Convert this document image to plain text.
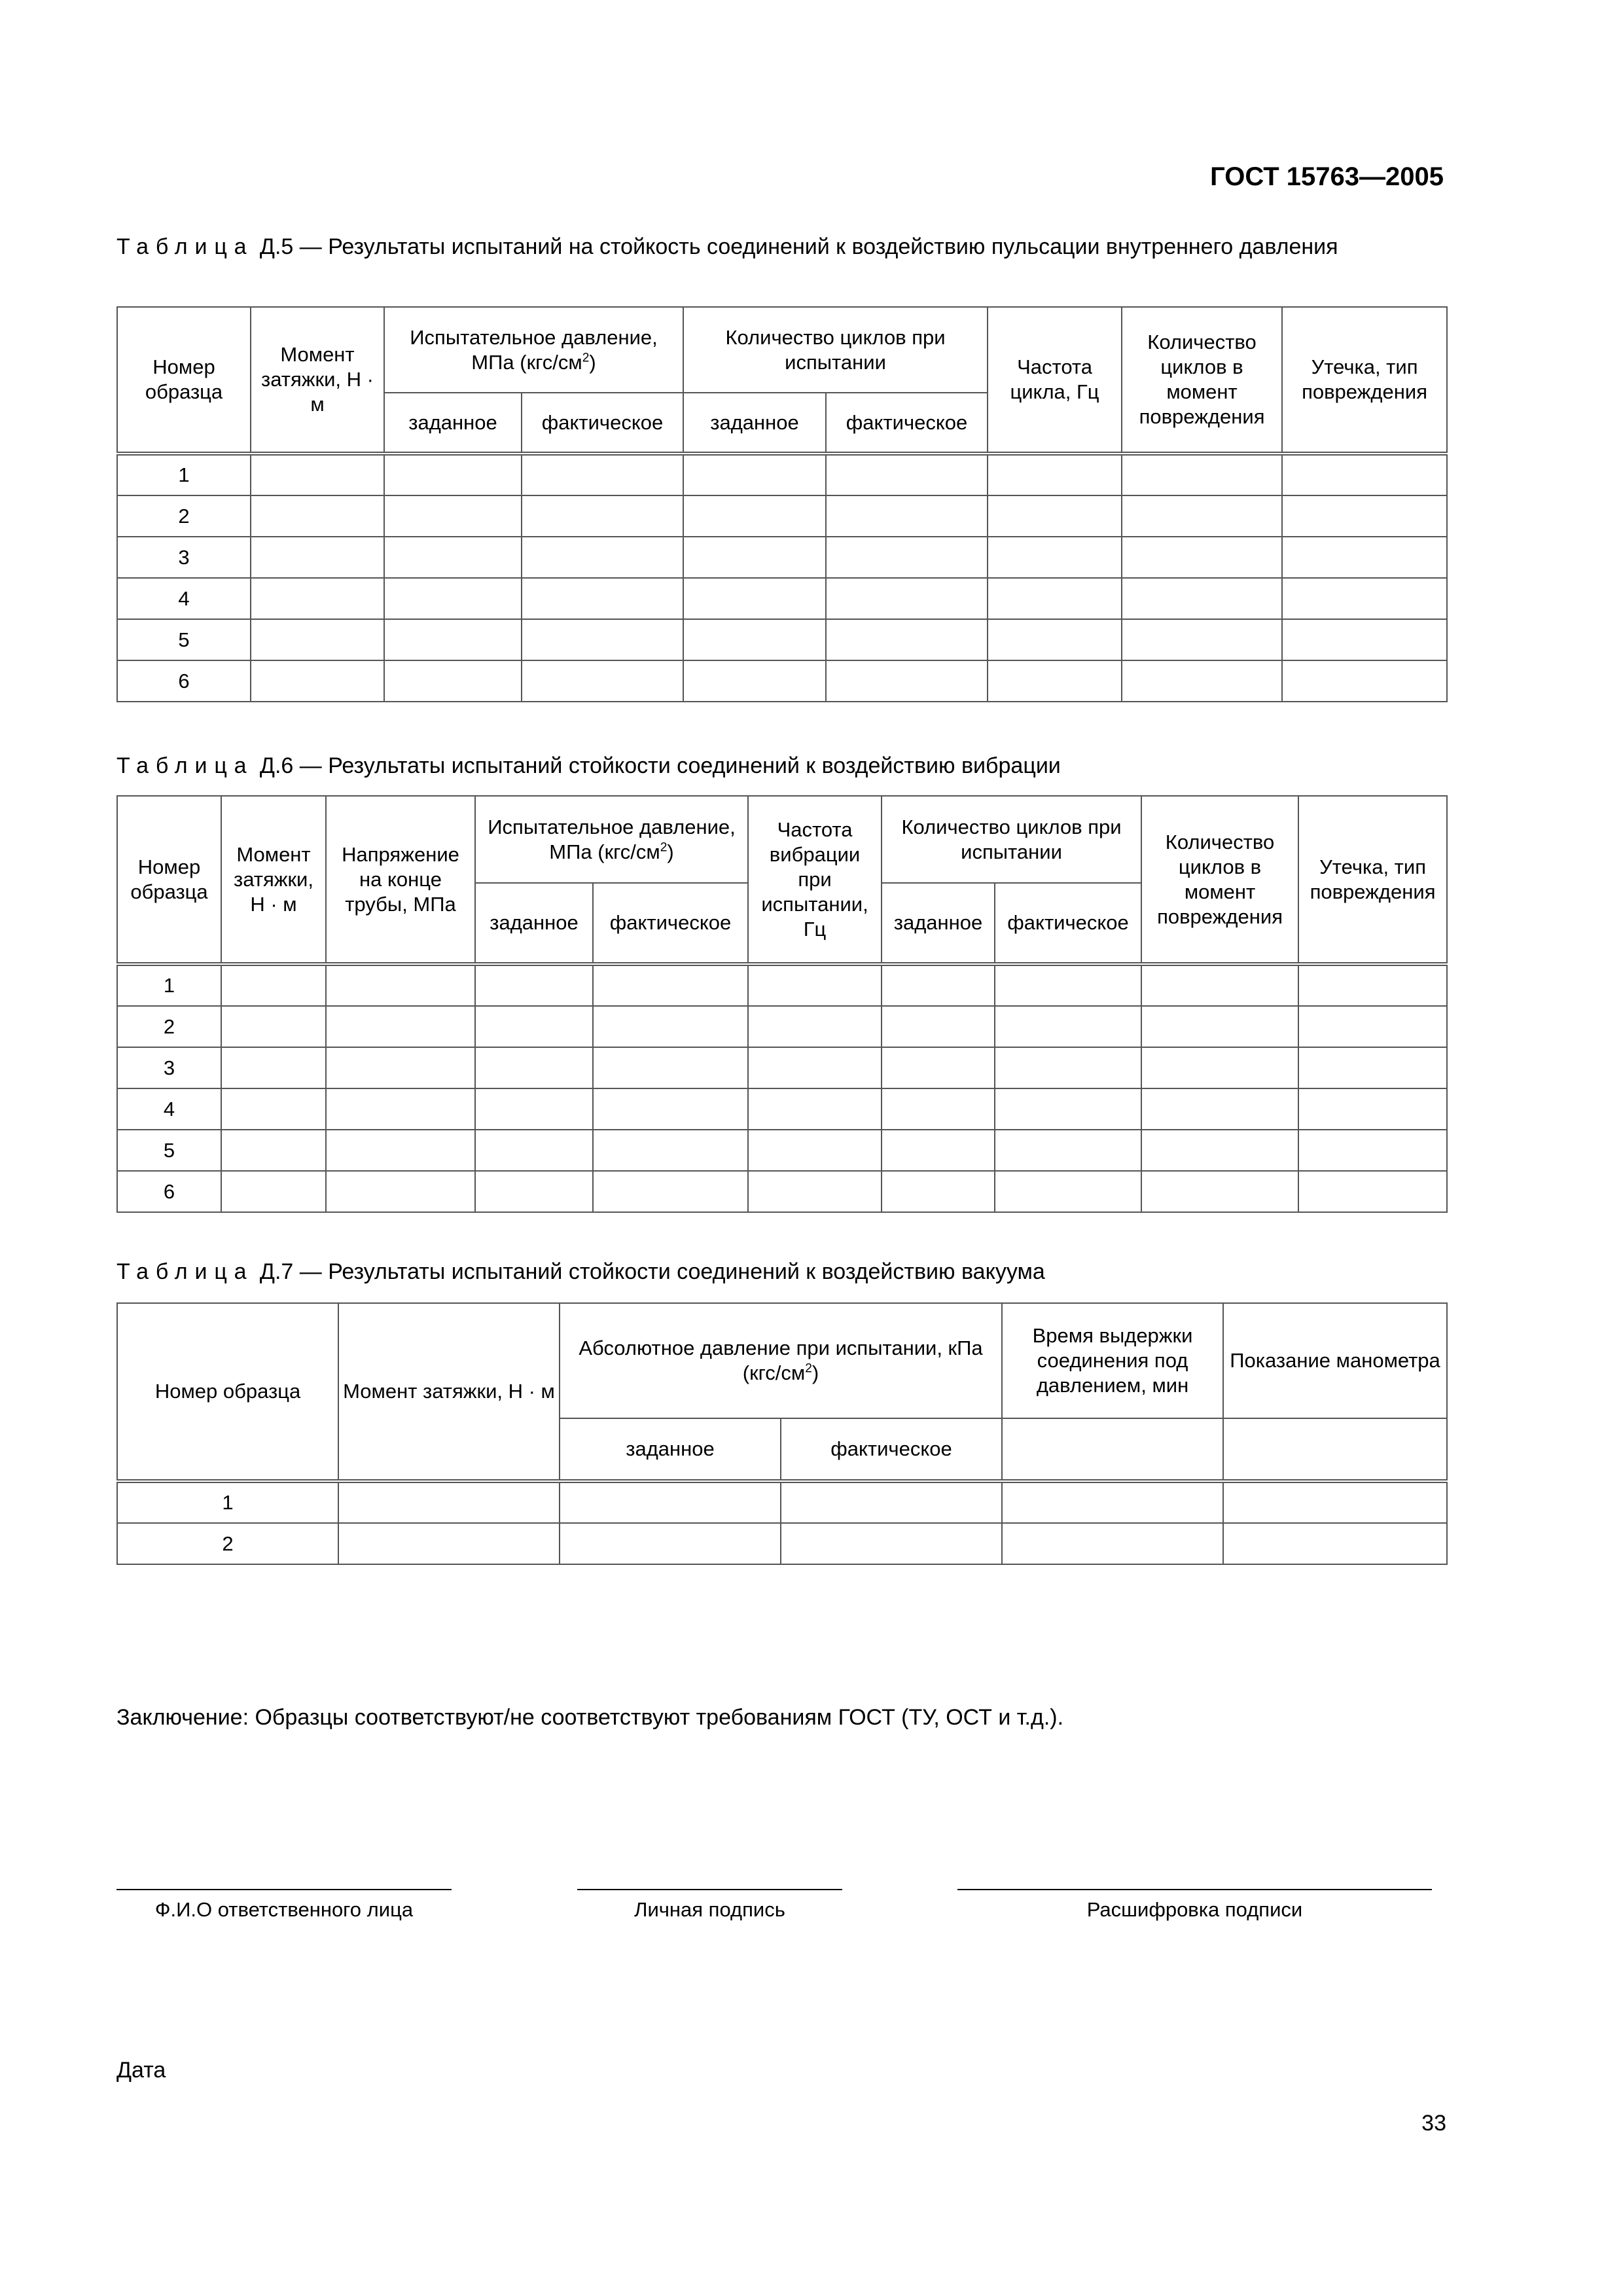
ГОСТ 15763—2005
Таблица Д.5 — Результаты испытаний на стойкость соединений к воздействию пульсации внутреннего давления
Номер образца	Момент затяжки, Н · м	Испытательное давление, МПа $(кгс/см^2)$		Количество циклов при испытании		Частота цикла, Гц	Количество циклов в момент повреждения	Утечка, тип повреждения
		заданное	фактическое	заданное	фактическое			
1								
2								
3								
4								
5								
6								
Таблица Д.6 — Результаты испытаний стойкости соединений к воздействию вибрации
Номер образца	Момент затяжки, Н · м	Напряжение на конце трубы, МПа	Испытательное давление, МПа $(кгс/см^2)$		Частота вибрации при испытании, Гц	Количество циклов при испытании		Количество циклов в момент повреждения	Утечка, тип повреждения
			заданное	фактическое		заданное	фактическое		
1									
2									
3									
4									
5									
6									
Таблица Д.7 — Результаты испытаний стойкости соединений к воздействию вакуума
Номер образца	Момент затяжки, Н · м	Абсолютное давление при испытании, кПа $(кгс/см^2)$		Время выдержки соединения под давлением, мин	Показание манометра
		заданное	фактическое		
1					
2					
Заключение: Образцы соответствуют/не соответствуют требованиям ГОСТ (ТУ, ОСТ и т.д.).
Ф.И.О ответственного лица	Личная подпись	Расшифровка подписи
Дата
33
